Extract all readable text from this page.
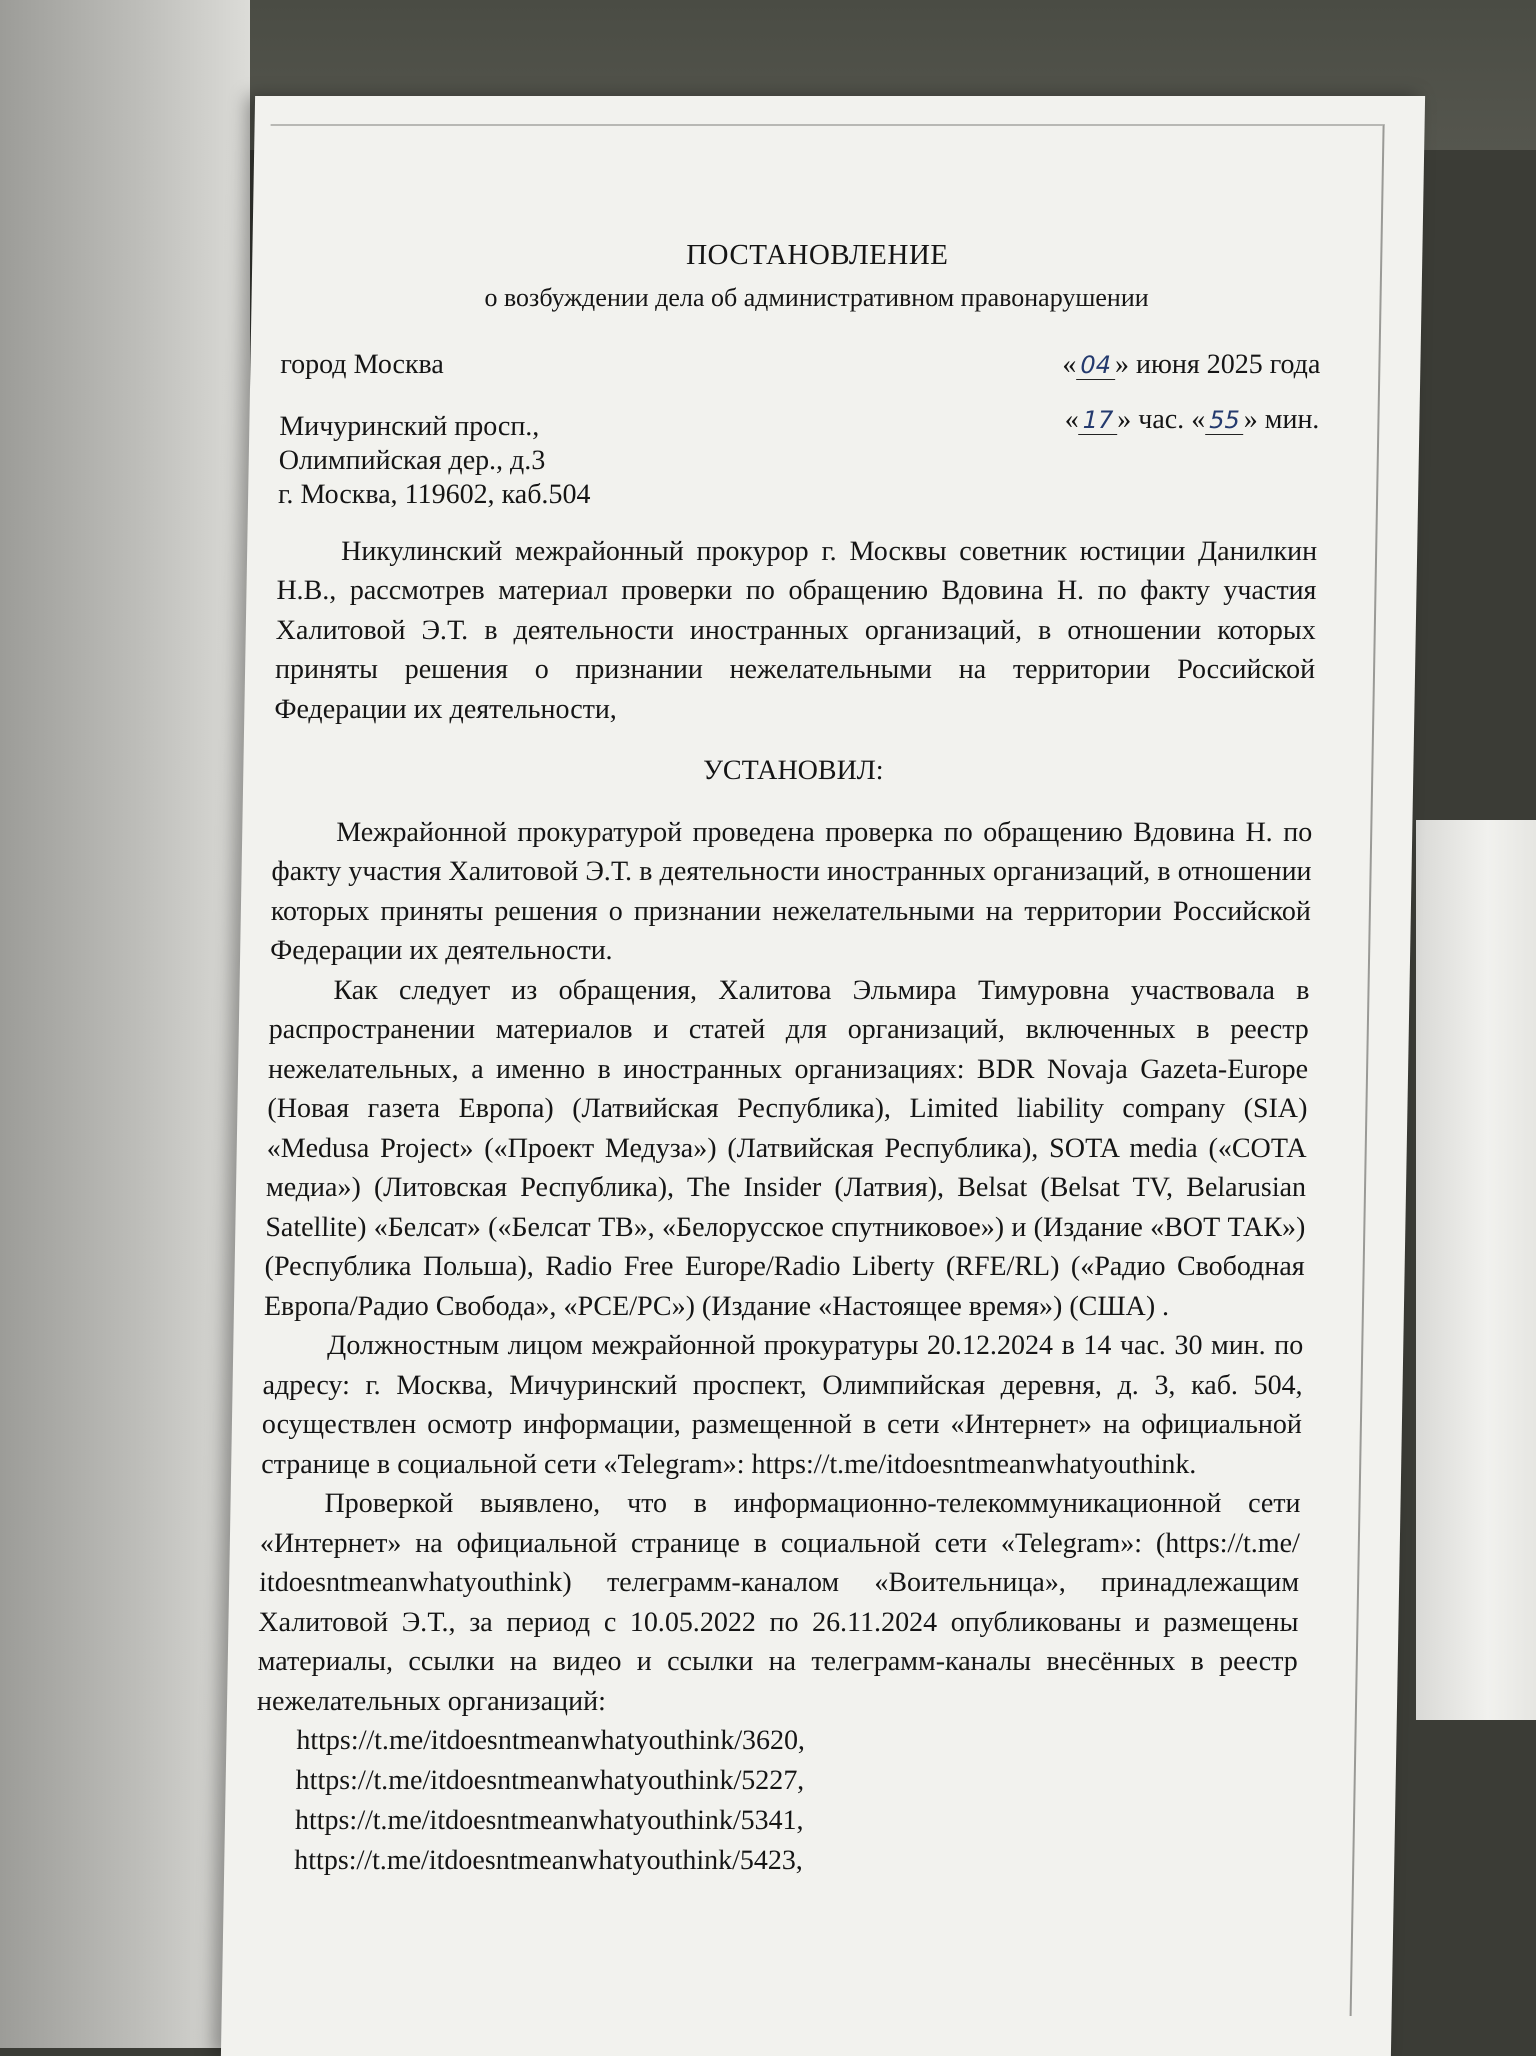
ПОСТАНОВЛЕНИЕ
о возбуждении дела об административном правонарушении
город Москва	« 04 » июня 2025 года
Мичуринский просп.,
Олимпийская дер., д.3
г. Москва, 119602, каб.504
« 17 » час. « 55 » мин.

Никулинский межрайонный прокурор г. Москвы советник юстиции Данилкин Н.В., рассмотрев материал проверки по обращению Вдовина Н. по факту участия Халитовой Э.Т. в деятельности иностранных организаций, в отношении которых приняты решения о признании нежелательными на территории Российской Федерации их деятельности,

УСТАНОВИЛ:

Межрайонной прокуратурой проведена проверка по обращению Вдовина Н. по факту участия Халитовой Э.Т. в деятельности иностранных организаций, в отношении которых приняты решения о признании нежелательными на территории Российской Федерации их деятельности.

Как следует из обращения, Халитова Эльмира Тимуровна участвовала в распространении материалов и статей для организаций, включенных в реестр нежелательных, а именно в иностранных организациях: BDR Novaja Gazeta-Europe (Новая газета Европа) (Латвийская Республика), Limited liability company (SIA) «Medusa Project» («Проект Медуза») (Латвийская Республика), SOTA media («СОТА медиа») (Литовская Республика), The Insider (Латвия), Belsat (Belsat TV, Belarusian Satellite) «Белсат» («Белсат ТВ», «Белорусское спутниковое») и (Издание «ВОТ ТАК») (Республика Польша), Radio Free Europe/Radio Liberty (RFE/RL) («Радио Свободная Европа/Радио Свобода», «РСЕ/РС») (Издание «Настоящее время») (США) .

Должностным лицом межрайонной прокуратуры 20.12.2024 в 14 час. 30 мин. по адресу: г. Москва, Мичуринский проспект, Олимпийская деревня, д. 3, каб. 504, осуществлен осмотр информации, размещенной в сети «Интернет» на официальной странице в социальной сети «Telegram»: https://t.me/itdoesntmeanwhatyouthink.

Проверкой выявлено, что в информационно-телекоммуникационной сети «Интернет» на официальной странице в социальной сети «Telegram»: (https://t.me/ itdoesntmeanwhatyouthink) телеграмм-каналом «Воительница», принадлежащим Халитовой Э.Т., за период с 10.05.2022 по 26.11.2024 опубликованы и размещены материалы, ссылки на видео и ссылки на телеграмм-каналы внесённых в реестр нежелательных организаций:

https://t.me/itdoesntmeanwhatyouthink/3620,
https://t.me/itdoesntmeanwhatyouthink/5227,
https://t.me/itdoesntmeanwhatyouthink/5341,
https://t.me/itdoesntmeanwhatyouthink/5423,
